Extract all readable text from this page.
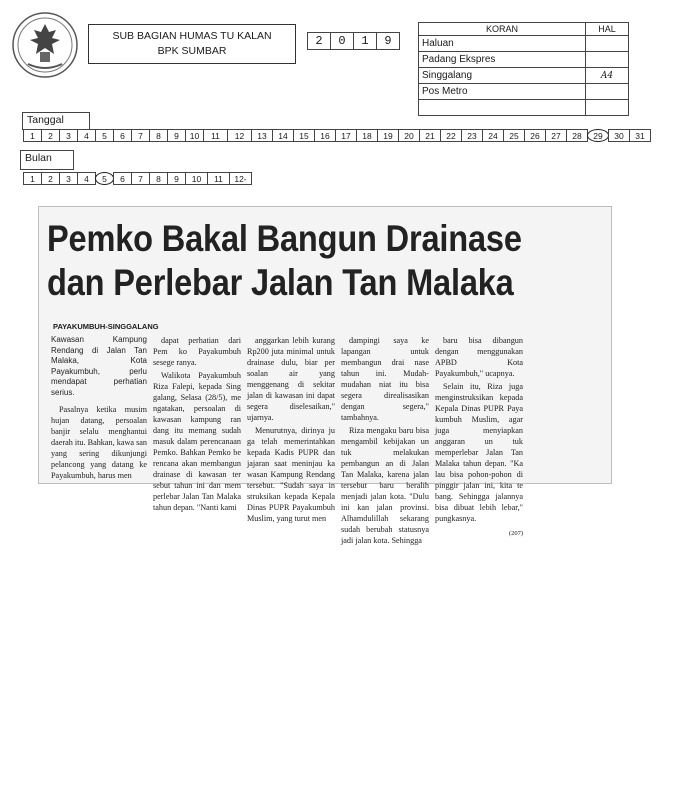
SUB BAGIAN HUMAS TU KALAN
BPK SUMBAR
2	0	1	9
KORAN	HAL
Haluan	
Padang Ekspres	
Singgalang	A4
Pos Metro	

Tanggal
1	2	3	4	5	6	7	8	9	10	11	12	13	14	15	16	17	18	19	20	21	22	23	24	25	26	27	28	29	30	31
Bulan
1	2	3	4	5	6	7	8	9	10	11	12-
Pemko Bakal Bangun Drainase
dan Perlebar Jalan Tan Malaka
PAYAKUMBUH-SINGGALANG

Kawasan Kampung Rendang di Jalan Tan Malaka, Kota Payakumbuh, perlu mendapat perhatian serius.

Pasalnya ketika musim hujan datang, persoalan banjir selalu menghantui daerah itu. Bahkan, kawa san yang sering dikunjungi pelancong yang datang ke Payakumbuh, harus men

dapat perhatian dari Pem ko Payakumbuh sesege ranya.

Walikota Payakumbuh Riza Falepi, kepada Sing galang, Selasa (28/5), me ngatakan, persoalan di kawasan kampung ran dang itu memang sudah masuk dalam perencanaan Pemko. Bahkan Pemko be rencana akan membangun drainase di kawasan ter sebut tahun ini dan mem perlebar Jalan Tan Malaka tahun depan. "Nanti kami

anggarkan lebih kurang Rp200 juta minimal untuk drainase dulu, biar per soalan air yang menggenang di sekitar jalan di kawasan ini dapat segera diselesaikan," ujarnya.

Menurutnya, dirinya ju ga telah memerintahkan kepada Kadis PUPR dan jajaran saat meninjau ka wasan Kampung Rendang tersebut. "Sudah saya in struksikan kepada Kepala Dinas PUPR Payakumbuh Muslim, yang turut men

dampingi saya ke lapangan untuk membangun drai nase tahun ini. Mudah-mudahan niat itu bisa segera direalisasikan dengan segera," tambahnya.

Riza mengaku baru bisa mengambil kebijakan un tuk melakukan pembangun an di Jalan Tan Malaka, karena jalan tersebut baru beralih menjadi jalan kota. "Dulu ini kan jalan provinsi. Alhamdulillah sekarang sudah berubah statusnya jadi jalan kota. Sehingga

baru bisa dibangun dengan menggunakan APBD Kota Payakumbuh," ucapnya.

Selain itu, Riza juga menginstruksikan kepada Kepala Dinas PUPR Paya kumbuh Muslim, agar juga menyiapkan anggaran un tuk memperlebar Jalan Tan Malaka tahun depan. "Ka lau bisa pohon-pohon di pinggir jalan ini, kita te bang. Sehingga jalannya bisa dibuat lebih lebar," pungkasnya.

(207)
